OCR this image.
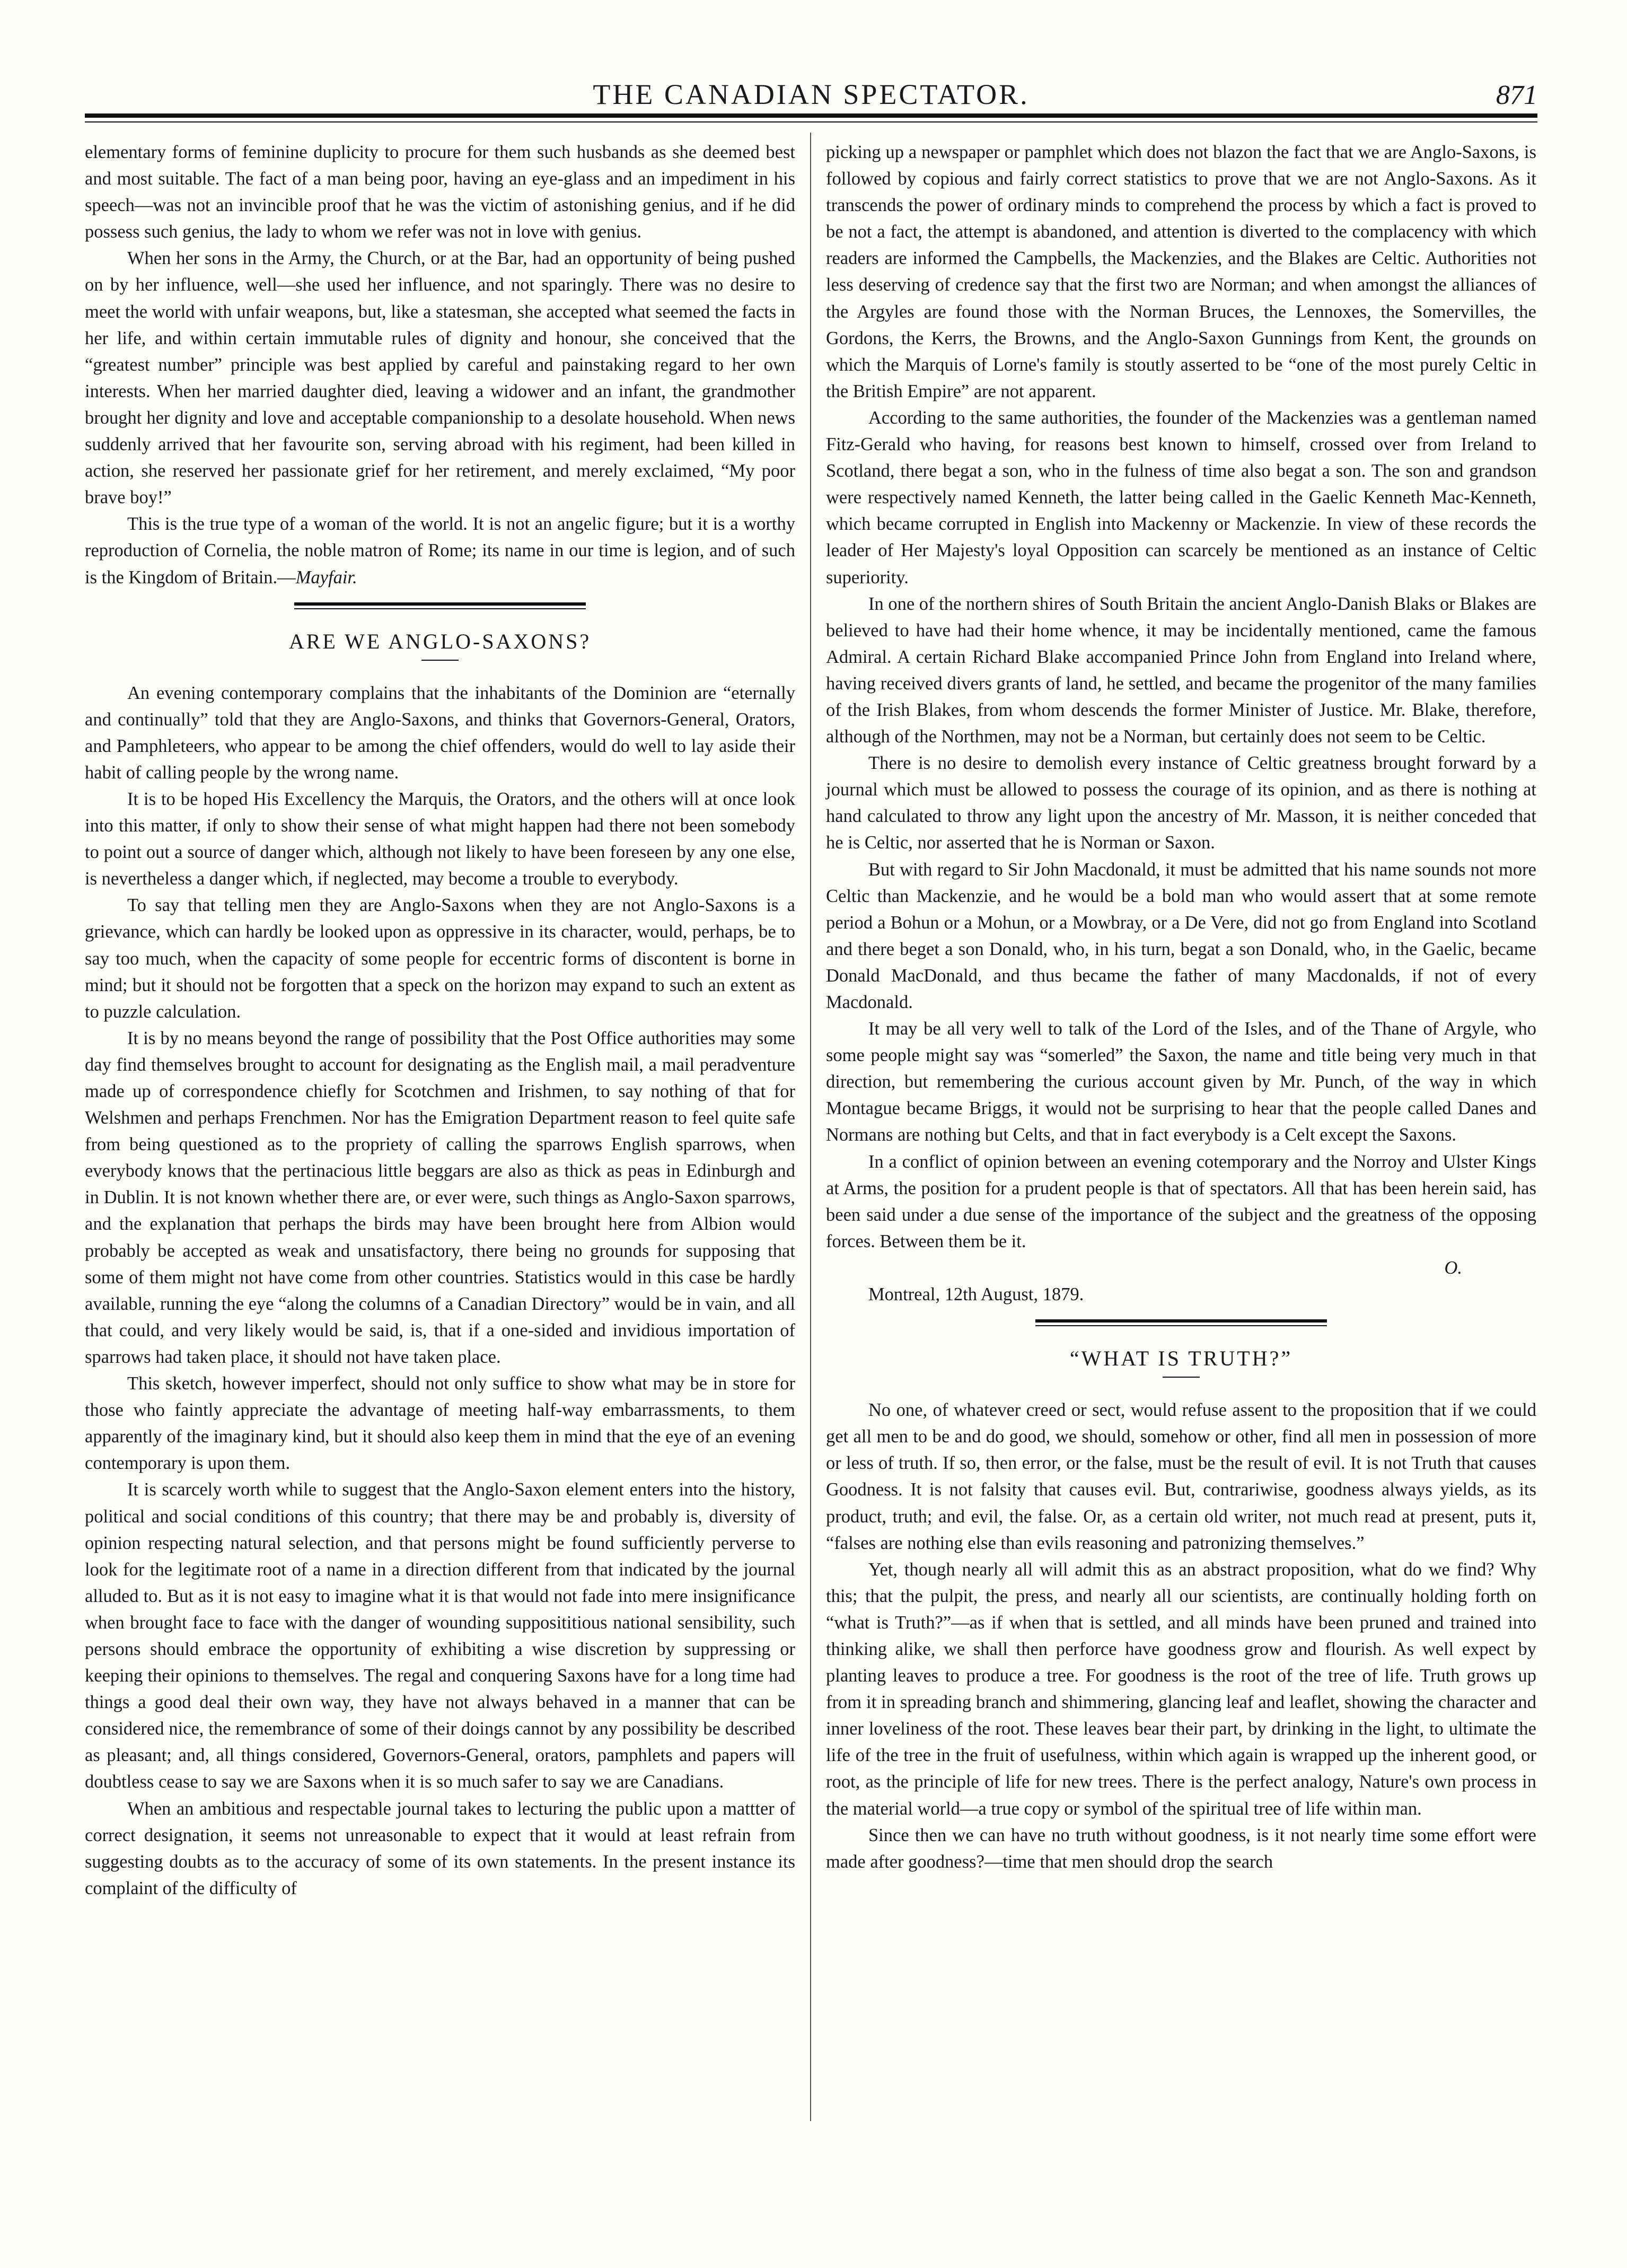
THE CANADIAN SPECTATOR.	871

elementary forms of feminine duplicity to procure for them such husbands as she deemed best and most suitable. The fact of a man being poor, having an eye-glass and an impediment in his speech—was not an invincible proof that he was the victim of astonishing genius, and if he did possess such genius, the lady to whom we refer was not in love with genius.

When her sons in the Army, the Church, or at the Bar, had an opportunity of being pushed on by her influence, well—she used her influence, and not sparingly. There was no desire to meet the world with unfair weapons, but, like a statesman, she accepted what seemed the facts in her life, and within certain immutable rules of dignity and honour, she conceived that the “greatest number” principle was best applied by careful and painstaking regard to her own interests. When her married daughter died, leaving a widower and an infant, the grandmother brought her dignity and love and acceptable companionship to a desolate household. When news suddenly arrived that her favourite son, serving abroad with his regiment, had been killed in action, she reserved her passionate grief for her retirement, and merely exclaimed, “My poor brave boy!”

This is the true type of a woman of the world. It is not an angelic figure; but it is a worthy reproduction of Cornelia, the noble matron of Rome; its name in our time is legion, and of such is the Kingdom of Britain.—Mayfair.

ARE WE ANGLO-SAXONS?

An evening contemporary complains that the inhabitants of the Dominion are “eternally and continually” told that they are Anglo-Saxons, and thinks that Governors-General, Orators, and Pamphleteers, who appear to be among the chief offenders, would do well to lay aside their habit of calling people by the wrong name.

It is to be hoped His Excellency the Marquis, the Orators, and the others will at once look into this matter, if only to show their sense of what might happen had there not been somebody to point out a source of danger which, although not likely to have been foreseen by any one else, is nevertheless a danger which, if neglected, may become a trouble to everybody.

To say that telling men they are Anglo-Saxons when they are not Anglo-Saxons is a grievance, which can hardly be looked upon as oppressive in its character, would, perhaps, be to say too much, when the capacity of some people for eccentric forms of discontent is borne in mind; but it should not be forgotten that a speck on the horizon may expand to such an extent as to puzzle calculation.

It is by no means beyond the range of possibility that the Post Office authorities may some day find themselves brought to account for designating as the English mail, a mail peradventure made up of correspondence chiefly for Scotchmen and Irishmen, to say nothing of that for Welshmen and perhaps Frenchmen. Nor has the Emigration Department reason to feel quite safe from being questioned as to the propriety of calling the sparrows English sparrows, when everybody knows that the pertinacious little beggars are also as thick as peas in Edinburgh and in Dublin. It is not known whether there are, or ever were, such things as Anglo-Saxon sparrows, and the explanation that perhaps the birds may have been brought here from Albion would probably be accepted as weak and unsatisfactory, there being no grounds for supposing that some of them might not have come from other countries. Statistics would in this case be hardly available, running the eye “along the columns of a Canadian Directory” would be in vain, and all that could, and very likely would be said, is, that if a one-sided and invidious importation of sparrows had taken place, it should not have taken place.

This sketch, however imperfect, should not only suffice to show what may be in store for those who faintly appreciate the advantage of meeting half-way embarrassments, to them apparently of the imaginary kind, but it should also keep them in mind that the eye of an evening contemporary is upon them.

It is scarcely worth while to suggest that the Anglo-Saxon element enters into the history, political and social conditions of this country; that there may be and probably is, diversity of opinion respecting natural selection, and that persons might be found sufficiently perverse to look for the legitimate root of a name in a direction different from that indicated by the journal alluded to. But as it is not easy to imagine what it is that would not fade into mere insignificance when brought face to face with the danger of wounding supposititious national sensibility, such persons should embrace the opportunity of exhibiting a wise discretion by suppressing or keeping their opinions to themselves. The regal and conquering Saxons have for a long time had things a good deal their own way, they have not always behaved in a manner that can be considered nice, the remembrance of some of their doings cannot by any possibility be described as pleasant; and, all things considered, Governors-General, orators, pamphlets and papers will doubtless cease to say we are Saxons when it is so much safer to say we are Canadians.

When an ambitious and respectable journal takes to lecturing the public upon a mattter of correct designation, it seems not unreasonable to expect that it would at least refrain from suggesting doubts as to the accuracy of some of its own statements. In the present instance its complaint of the difficulty of

picking up a newspaper or pamphlet which does not blazon the fact that we are Anglo-Saxons, is followed by copious and fairly correct statistics to prove that we are not Anglo-Saxons. As it transcends the power of ordinary minds to comprehend the process by which a fact is proved to be not a fact, the attempt is abandoned, and attention is diverted to the complacency with which readers are informed the Campbells, the Mackenzies, and the Blakes are Celtic. Authorities not less deserving of credence say that the first two are Norman; and when amongst the alliances of the Argyles are found those with the Norman Bruces, the Lennoxes, the Somervilles, the Gordons, the Kerrs, the Browns, and the Anglo-Saxon Gunnings from Kent, the grounds on which the Marquis of Lorne's family is stoutly asserted to be “one of the most purely Celtic in the British Empire” are not apparent.

According to the same authorities, the founder of the Mackenzies was a gentleman named Fitz-Gerald who having, for reasons best known to himself, crossed over from Ireland to Scotland, there begat a son, who in the fulness of time also begat a son. The son and grandson were respectively named Kenneth, the latter being called in the Gaelic Kenneth Mac-Kenneth, which became corrupted in English into Mackenny or Mackenzie. In view of these records the leader of Her Majesty's loyal Opposition can scarcely be mentioned as an instance of Celtic superiority.

In one of the northern shires of South Britain the ancient Anglo-Danish Blaks or Blakes are believed to have had their home whence, it may be incidentally mentioned, came the famous Admiral. A certain Richard Blake accompanied Prince John from England into Ireland where, having received divers grants of land, he settled, and became the progenitor of the many families of the Irish Blakes, from whom descends the former Minister of Justice. Mr. Blake, therefore, although of the Northmen, may not be a Norman, but certainly does not seem to be Celtic.

There is no desire to demolish every instance of Celtic greatness brought forward by a journal which must be allowed to possess the courage of its opinion, and as there is nothing at hand calculated to throw any light upon the ancestry of Mr. Masson, it is neither conceded that he is Celtic, nor asserted that he is Norman or Saxon.

But with regard to Sir John Macdonald, it must be admitted that his name sounds not more Celtic than Mackenzie, and he would be a bold man who would assert that at some remote period a Bohun or a Mohun, or a Mowbray, or a De Vere, did not go from England into Scotland and there beget a son Donald, who, in his turn, begat a son Donald, who, in the Gaelic, became Donald MacDonald, and thus became the father of many Macdonalds, if not of every Macdonald.

It may be all very well to talk of the Lord of the Isles, and of the Thane of Argyle, who some people might say was “somerled” the Saxon, the name and title being very much in that direction, but remembering the curious account given by Mr. Punch, of the way in which Montague became Briggs, it would not be surprising to hear that the people called Danes and Normans are nothing but Celts, and that in fact everybody is a Celt except the Saxons.

In a conflict of opinion between an evening cotemporary and the Norroy and Ulster Kings at Arms, the position for a prudent people is that of spectators. All that has been herein said, has been said under a due sense of the importance of the subject and the greatness of the opposing forces. Between them be it.

O.

Montreal, 12th August, 1879.

“WHAT IS TRUTH?”

No one, of whatever creed or sect, would refuse assent to the proposition that if we could get all men to be and do good, we should, somehow or other, find all men in possession of more or less of truth. If so, then error, or the false, must be the result of evil. It is not Truth that causes Goodness. It is not falsity that causes evil. But, contrariwise, goodness always yields, as its product, truth; and evil, the false. Or, as a certain old writer, not much read at present, puts it, “falses are nothing else than evils reasoning and patronizing themselves.”

Yet, though nearly all will admit this as an abstract proposition, what do we find? Why this; that the pulpit, the press, and nearly all our scientists, are continually holding forth on “what is Truth?”—as if when that is settled, and all minds have been pruned and trained into thinking alike, we shall then perforce have goodness grow and flourish. As well expect by planting leaves to produce a tree. For goodness is the root of the tree of life. Truth grows up from it in spreading branch and shimmering, glancing leaf and leaflet, showing the character and inner loveliness of the root. These leaves bear their part, by drinking in the light, to ultimate the life of the tree in the fruit of usefulness, within which again is wrapped up the inherent good, or root, as the principle of life for new trees. There is the perfect analogy, Nature's own process in the material world—a true copy or symbol of the spiritual tree of life within man.

Since then we can have no truth without goodness, is it not nearly time some effort were made after goodness?—time that men should drop the search
